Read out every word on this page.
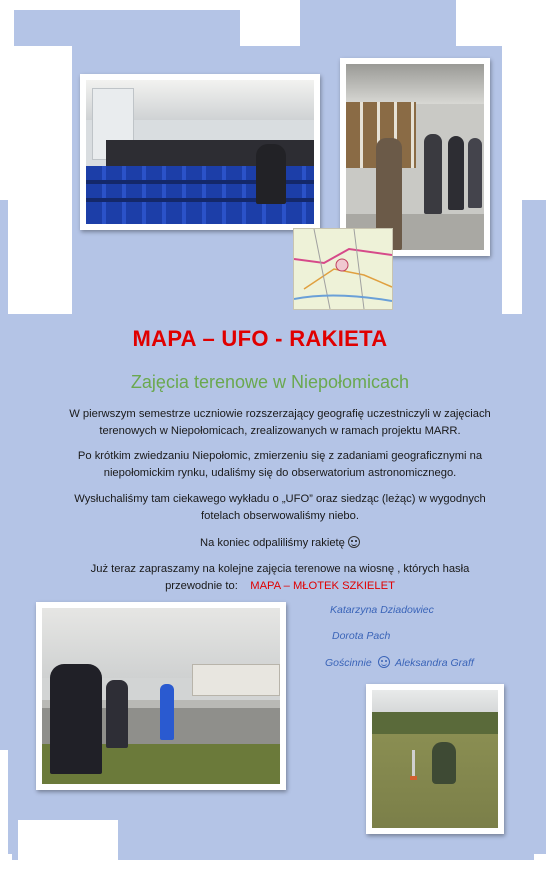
MAPA – UFO - RAKIETA
Zajęcia terenowe w Niepołomicach
W pierwszym semestrze uczniowie rozszerzający geografię uczestniczyli w zajęciach terenowych w Niepołomicach, zrealizowanych w ramach projektu MARR.
Po krótkim zwiedzaniu Niepołomic, zmierzeniu się z zadaniami geograficznymi na niepołomickim rynku, udaliśmy się do obserwatorium astronomicznego.
Wysłuchaliśmy tam ciekawego wykładu o „UFO” oraz siedząc (leżąc) w wygodnych fotelach obserwowaliśmy niebo.
Na koniec odpaliliśmy rakietę
Już teraz zapraszamy na kolejne zajęcia terenowe na wiosnę , których hasła
przewodnie to: MAPA – MŁOTEK SZKIELET
Katarzyna Dziadowiec
Dorota Pach
Gościnnie Aleksandra Graff
